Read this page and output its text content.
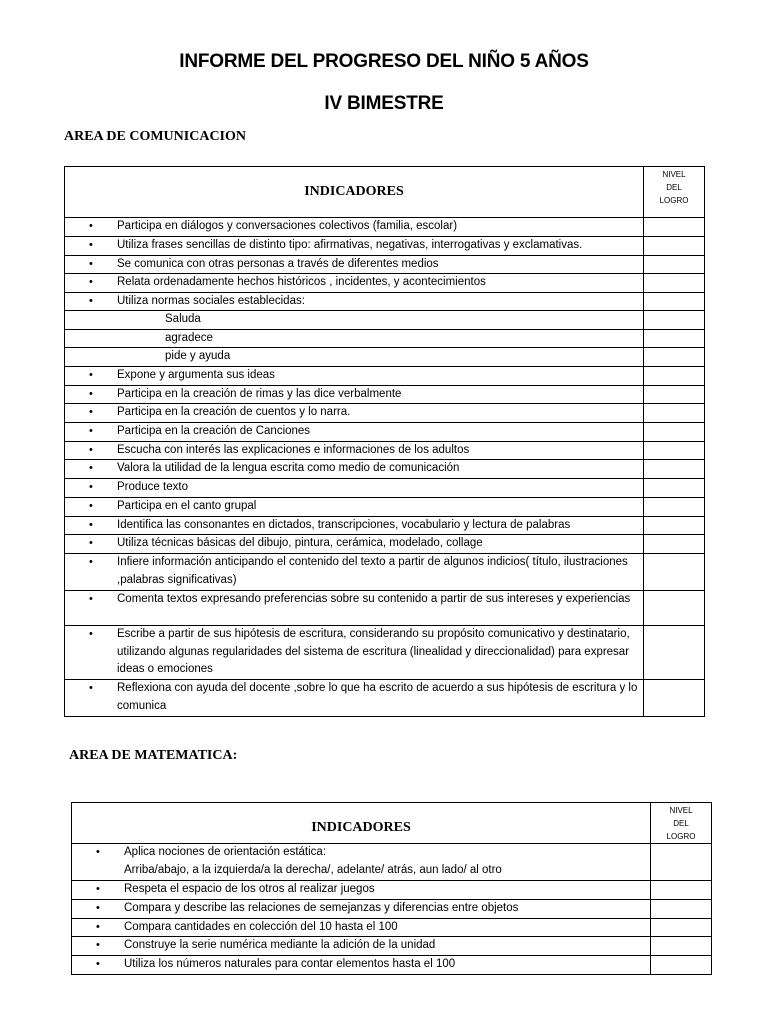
INFORME DEL PROGRESO DEL NIÑO 5 AÑOS
IV BIMESTRE
AREA DE COMUNICACION
INDICADORES	NIVEL
DEL
LOGRO

• Participa en diálogos y conversaciones colectivos (familia, escolar)	

• Utiliza frases sencillas de distinto tipo: afirmativas, negativas, interrogativas y exclamativas.	

• Se comunica con otras personas a través de diferentes medios	

• Relata ordenadamente hechos históricos , incidentes, y acontecimientos	

• Utiliza normas sociales establecidas:	

Saluda	

agradece	

pide y ayuda	

• Expone y argumenta sus ideas	

• Participa en la creación de rimas y las dice verbalmente	

• Participa en la creación de cuentos y lo narra.	

• Participa en la creación de Canciones	

• Escucha con interés las explicaciones e informaciones de los adultos	

• Valora la utilidad de la lengua escrita como medio de comunicación	

• Produce texto	

• Participa en el canto grupal	

• Identifica las consonantes en dictados, transcripciones, vocabulario y lectura de palabras	

• Utiliza técnicas básicas del dibujo, pintura, cerámica, modelado, collage	

• Infiere información anticipando el contenido del texto a partir de algunos indicios( título, ilustraciones ,palabras significativas)	

• Comenta textos expresando preferencias sobre su contenido a partir de sus intereses y experiencias	

• Escribe a partir de sus hipótesis de escritura, considerando su propósito comunicativo y destinatario, utilizando algunas regularidades del sistema de escritura (linealidad y direccionalidad) para expresar ideas o emociones	

• Reflexiona con ayuda del docente ,sobre lo que ha escrito de acuerdo a sus hipótesis de escritura y lo comunica	

AREA DE MATEMATICA:
INDICADORES	NIVEL
DEL
LOGRO

• Aplica nociones de orientación estática:
Arriba/abajo, a la izquierda/a la derecha/, adelante/ atrás, aun lado/ al otro	

• Respeta el espacio de los otros al realizar juegos	

• Compara y describe las relaciones de semejanzas y diferencias entre objetos	

• Compara cantidades en colección del 10 hasta el 100	

• Construye la serie numérica mediante la adición de la unidad	

• Utiliza los números naturales para contar elementos hasta el 100	
